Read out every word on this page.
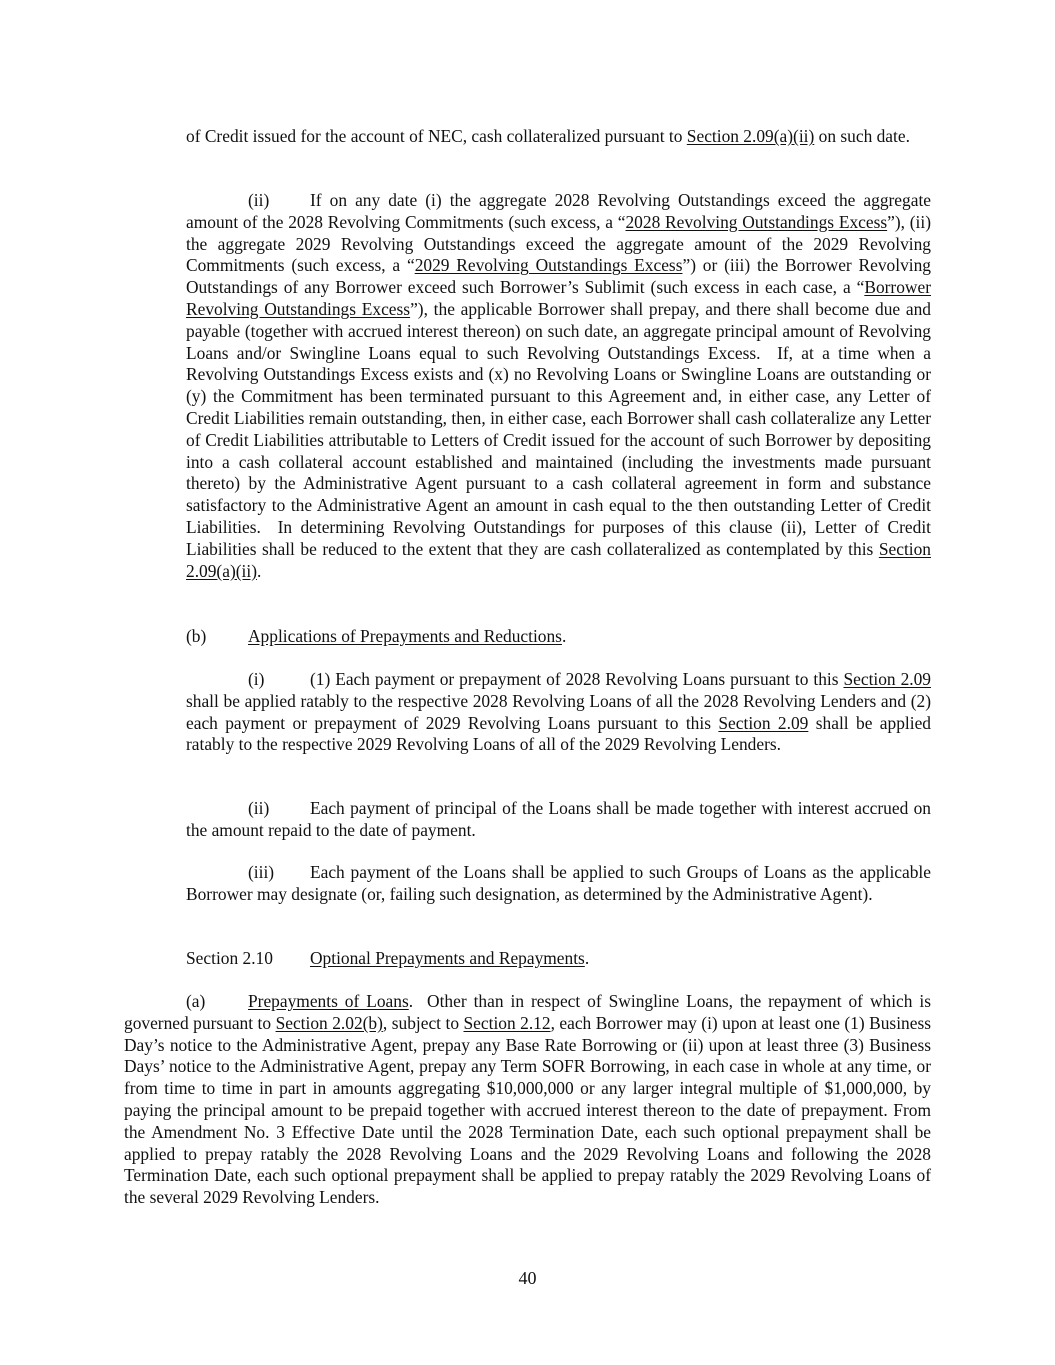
of Credit issued for the account of NEC, cash collateralized pursuant to Section 2.09(a)(ii) on such date.

(ii) If on any date (i) the aggregate 2028 Revolving Outstandings exceed the aggregate amount of the 2028 Revolving Commitments (such excess, a “2028 Revolving Outstandings Excess”), (ii) the aggregate 2029 Revolving Outstandings exceed the aggregate amount of the 2029 Revolving Commitments (such excess, a “2029 Revolving Outstandings Excess”) or (iii) the Borrower Revolving Outstandings of any Borrower exceed such Borrower’s Sublimit (such excess in each case, a “Borrower Revolving Outstandings Excess”), the applicable Borrower shall prepay, and there shall become due and payable (together with accrued interest thereon) on such date, an aggregate principal amount of Revolving Loans and/or Swingline Loans equal to such Revolving Outstandings Excess.  If, at a time when a Revolving Outstandings Excess exists and (x) no Revolving Loans or Swingline Loans are outstanding or (y) the Commitment has been terminated pursuant to this Agreement and, in either case, any Letter of Credit Liabilities remain outstanding, then, in either case, each Borrower shall cash collateralize any Letter of Credit Liabilities attributable to Letters of Credit issued for the account of such Borrower by depositing into a cash collateral account established and maintained (including the investments made pursuant thereto) by the Administrative Agent pursuant to a cash collateral agreement in form and substance satisfactory to the Administrative Agent an amount in cash equal to the then outstanding Letter of Credit Liabilities.  In determining Revolving Outstandings for purposes of this clause (ii), Letter of Credit Liabilities shall be reduced to the extent that they are cash collateralized as contemplated by this Section 2.09(a)(ii).

(b) Applications of Prepayments and Reductions.

(i)	(1) Each payment or prepayment of 2028 Revolving Loans pursuant to this Section 2.09 shall be applied ratably to the respective 2028 Revolving Loans of all the 2028 Revolving Lenders and (2) each payment or prepayment of 2029 Revolving Loans pursuant to this Section 2.09 shall be applied ratably to the respective 2029 Revolving Loans of all of the 2029 Revolving Lenders.

(ii) Each payment of principal of the Loans shall be made together with interest accrued on the amount repaid to the date of payment.

(iii) Each payment of the Loans shall be applied to such Groups of Loans as the applicable Borrower may designate (or, failing such designation, as determined by the Administrative Agent).

Section 2.10 Optional Prepayments and Repayments.

(a) Prepayments of Loans.  Other than in respect of Swingline Loans, the repayment of which is governed pursuant to Section 2.02(b), subject to Section 2.12, each Borrower may (i) upon at least one (1) Business Day’s notice to the Administrative Agent, prepay any Base Rate Borrowing or (ii) upon at least three (3) Business Days’ notice to the Administrative Agent, prepay any Term SOFR Borrowing, in each case in whole at any time, or from time to time in part in amounts aggregating $10,000,000 or any larger integral multiple of $1,000,000, by paying the principal amount to be prepaid together with accrued interest thereon to the date of prepayment. From the Amendment No. 3 Effective Date until the 2028 Termination Date, each such optional prepayment shall be applied to prepay ratably the 2028 Revolving Loans and the 2029 Revolving Loans and following the 2028 Termination Date, each such optional prepayment shall be applied to prepay ratably the 2029 Revolving Loans of the several 2029 Revolving Lenders.

40
